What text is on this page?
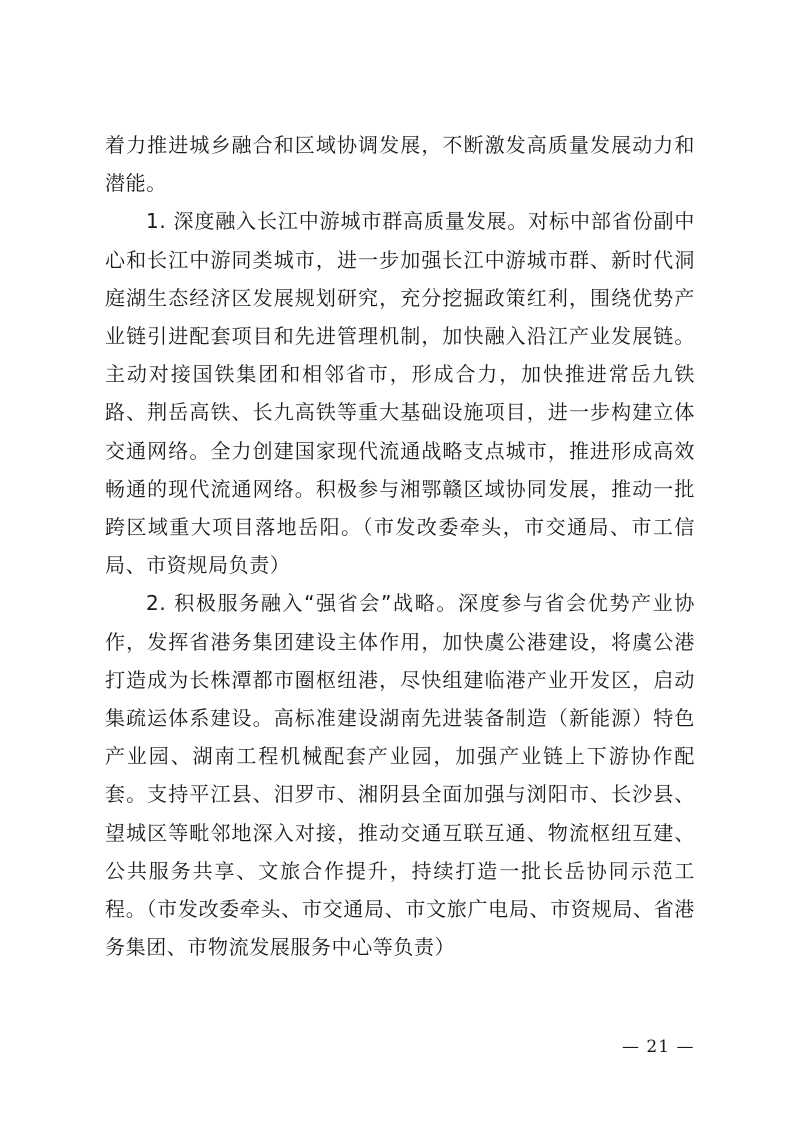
着力推进城乡融合和区域协调发展，不断激发高质量发展动力和潜能。

1. 深度融入长江中游城市群高质量发展。对标中部省份副中心和长江中游同类城市，进一步加强长江中游城市群、新时代洞庭湖生态经济区发展规划研究，充分挖掘政策红利，围绕优势产业链引进配套项目和先进管理机制，加快融入沿江产业发展链。主动对接国铁集团和相邻省市，形成合力，加快推进常岳九铁路、荆岳高铁、长九高铁等重大基础设施项目，进一步构建立体交通网络。全力创建国家现代流通战略支点城市，推进形成高效畅通的现代流通网络。积极参与湘鄂赣区域协同发展，推动一批跨区域重大项目落地岳阳。（市发改委牵头，市交通局、市工信局、市资规局负责）

2. 积极服务融入“强省会”战略。深度参与省会优势产业协作，发挥省港务集团建设主体作用，加快虞公港建设，将虞公港打造成为长株潭都市圈枢纽港，尽快组建临港产业开发区，启动集疏运体系建设。高标准建设湖南先进装备制造（新能源）特色产业园、湖南工程机械配套产业园，加强产业链上下游协作配套。支持平江县、汨罗市、湘阴县全面加强与浏阳市、长沙县、望城区等毗邻地深入对接，推动交通互联互通、物流枢纽互建、公共服务共享、文旅合作提升，持续打造一批长岳协同示范工程。（市发改委牵头、市交通局、市文旅广电局、市资规局、省港务集团、市物流发展服务中心等负责）

— 21 —
